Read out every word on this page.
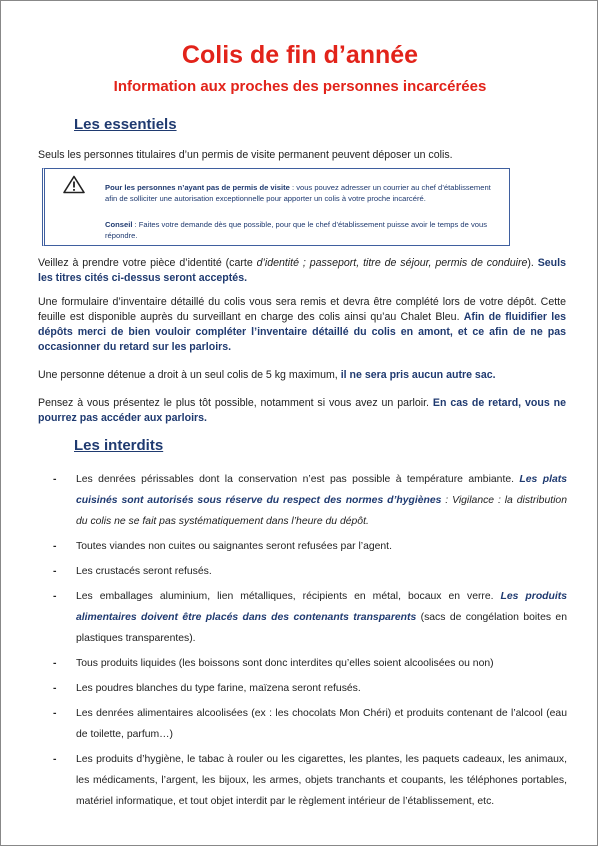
Colis de fin d’année
Information aux proches des personnes incarcérées
Les essentiels

Seuls les personnes titulaires d’un permis de visite permanent peuvent déposer un colis.

Pour les personnes n’ayant pas de permis de visite : vous pouvez adresser un courrier au chef d’établissement afin de solliciter une autorisation exceptionnelle pour apporter un colis à votre proche incarcéré.

Conseil : Faites votre demande dès que possible, pour que le chef d’établissement puisse avoir le temps de vous répondre.

Veillez à prendre votre pièce d’identité (carte d’identité ; passeport, titre de séjour, permis de conduire). Seuls les titres cités ci-dessus seront acceptés.

Une formulaire d’inventaire détaillé du colis vous sera remis et devra être complété lors de votre dépôt. Cette feuille est disponible auprès du surveillant en charge des colis ainsi qu’au Chalet Bleu. Afin de fluidifier les dépôts merci de bien vouloir compléter l’inventaire détaillé du colis en amont, et ce afin de ne pas occasionner du retard sur les parloirs.

Une personne détenue a droit à un seul colis de 5 kg maximum, il ne sera pris aucun autre sac.

Pensez à vous présentez le plus tôt possible, notamment si vous avez un parloir. En cas de retard, vous ne pourrez pas accéder aux parloirs.

Les interdits
- Les denrées périssables dont la conservation n’est pas possible à température ambiante. Les plats cuisinés sont autorisés sous réserve du respect des normes d’hygiènes : Vigilance : la distribution du colis ne se fait pas systématiquement dans l’heure du dépôt.
- Toutes viandes non cuites ou saignantes seront refusées par l’agent.
- Les crustacés seront refusés.
- Les emballages aluminium, lien métalliques, récipients en métal, bocaux en verre. Les produits alimentaires doivent être placés dans des contenants transparents (sacs de congélation boites en plastiques transparentes).
- Tous produits liquides (les boissons sont donc interdites qu’elles soient alcoolisées ou non)
- Les poudres blanches du type farine, maïzena seront refusés.
- Les denrées alimentaires alcoolisées (ex : les chocolats Mon Chéri) et produits contenant de l’alcool (eau de toilette, parfum…)
- Les produits d’hygiène, le tabac à rouler ou les cigarettes, les plantes, les paquets cadeaux, les animaux, les médicaments, l’argent, les bijoux, les armes, objets tranchants et coupants, les téléphones portables, matériel informatique, et tout objet interdit par le règlement intérieur de l’établissement, etc.
